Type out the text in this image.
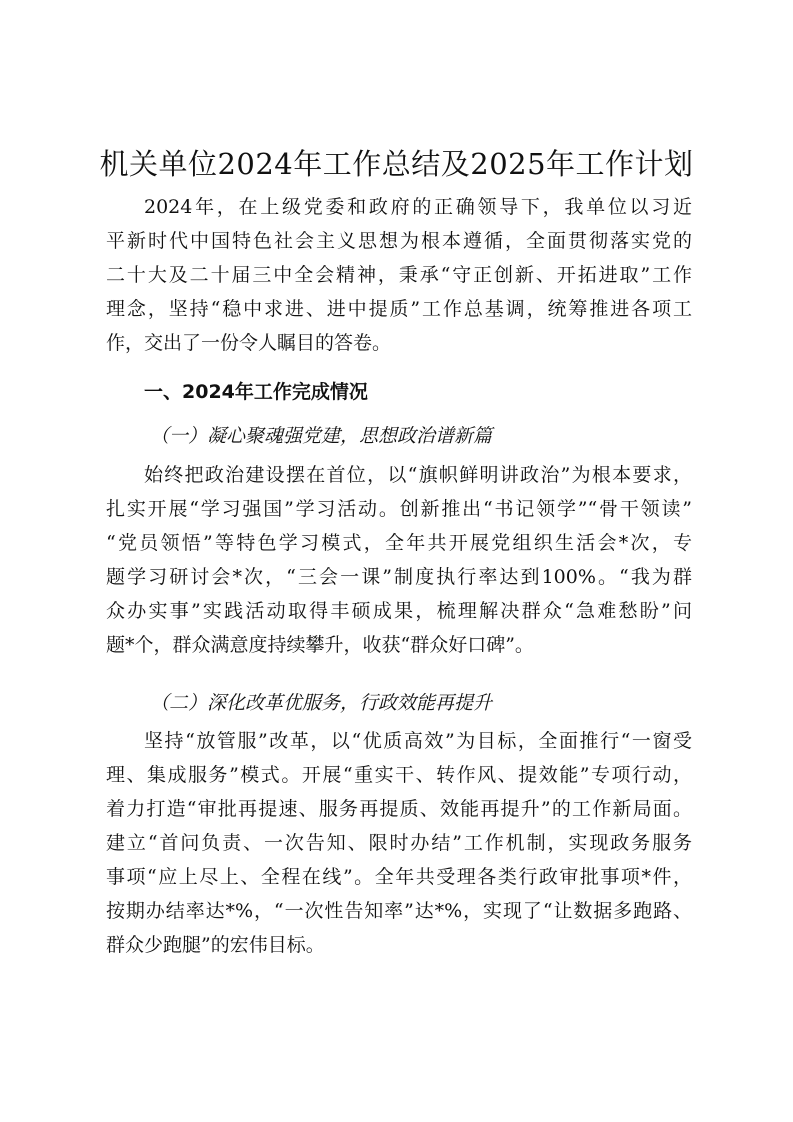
机关单位2024年工作总结及2025年工作计划
2024年，在上级党委和政府的正确领导下，我单位以习近
平新时代中国特色社会主义思想为根本遵循，全面贯彻落实党的
二十大及二十届三中全会精神，秉承“守正创新、开拓进取”工作
理念，坚持“稳中求进、进中提质”工作总基调，统筹推进各项工
作，交出了一份令人瞩目的答卷。
一、2024年工作完成情况
（一）凝心聚魂强党建，思想政治谱新篇
始终把政治建设摆在首位，以“旗帜鲜明讲政治”为根本要求，
扎实开展“学习强国”学习活动。创新推出“书记领学”“骨干领读”
“党员领悟”等特色学习模式，全年共开展党组织生活会*次，专
题学习研讨会*次，“三会一课”制度执行率达到100%。“我为群
众办实事”实践活动取得丰硕成果，梳理解决群众“急难愁盼”问
题*个，群众满意度持续攀升，收获“群众好口碑”。
（二）深化改革优服务，行政效能再提升
坚持“放管服”改革，以“优质高效”为目标，全面推行“一窗受
理、集成服务”模式。开展“重实干、转作风、提效能”专项行动，
着力打造“审批再提速、服务再提质、效能再提升”的工作新局面。
建立“首问负责、一次告知、限时办结”工作机制，实现政务服务
事项“应上尽上、全程在线”。全年共受理各类行政审批事项*件，
按期办结率达*%，“一次性告知率”达*%，实现了“让数据多跑路、
群众少跑腿”的宏伟目标。
